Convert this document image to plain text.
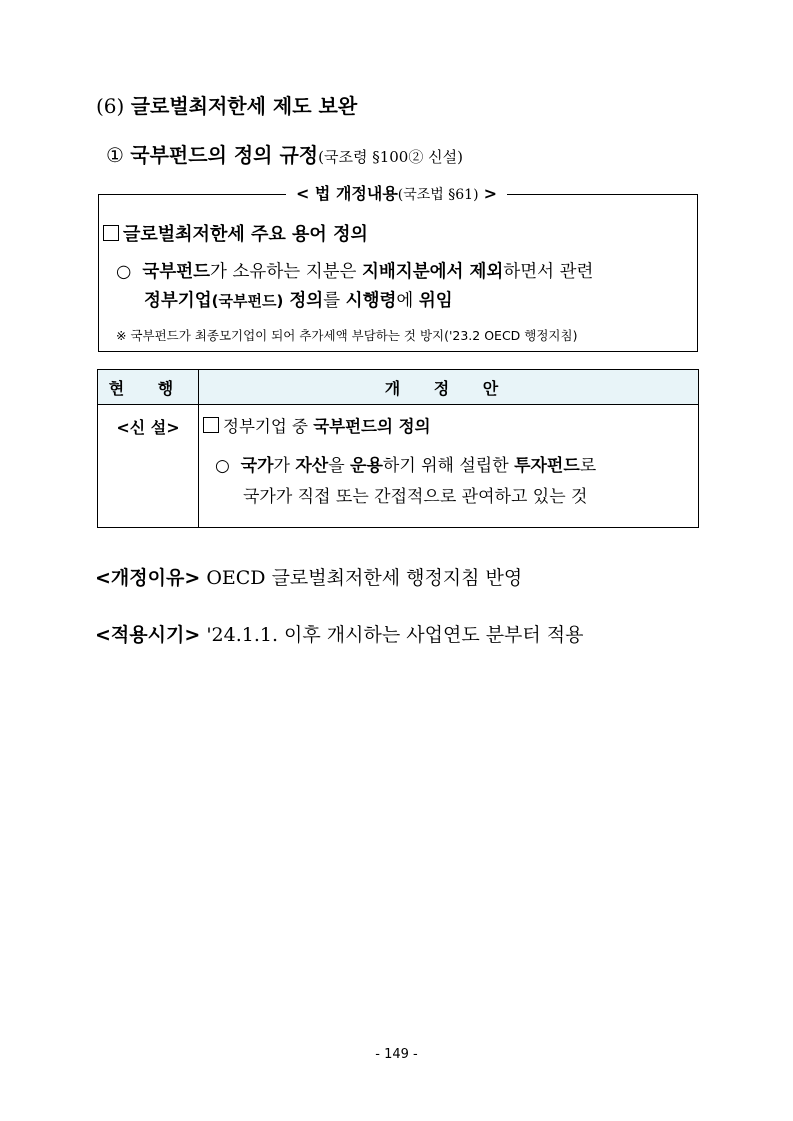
(6) 글로벌최저한세 제도 보완
① 국부펀드의 정의 규정(국조령 §100② 신설)
< 법 개정내용(국조법 §61) >
글로벌최저한세 주요 용어 정의
○ 국부펀드가 소유하는 지분은 지배지분에서 제외하면서 관련
정부기업(국부펀드) 정의를 시행령에 위임
※ 국부펀드가 최종모기업이 되어 추가세액 부담하는 것 방지('23.2 OECD 행정지침)
현 행	개 정 안
<신 설>	정부기업 중 국부펀드의 정의
○ 국가가 자산을 운용하기 위해 설립한 투자펀드로
국가가 직접 또는 간접적으로 관여하고 있는 것
<개정이유> OECD 글로벌최저한세 행정지침 반영
<적용시기> '24.1.1. 이후 개시하는 사업연도 분부터 적용
- 149 -
